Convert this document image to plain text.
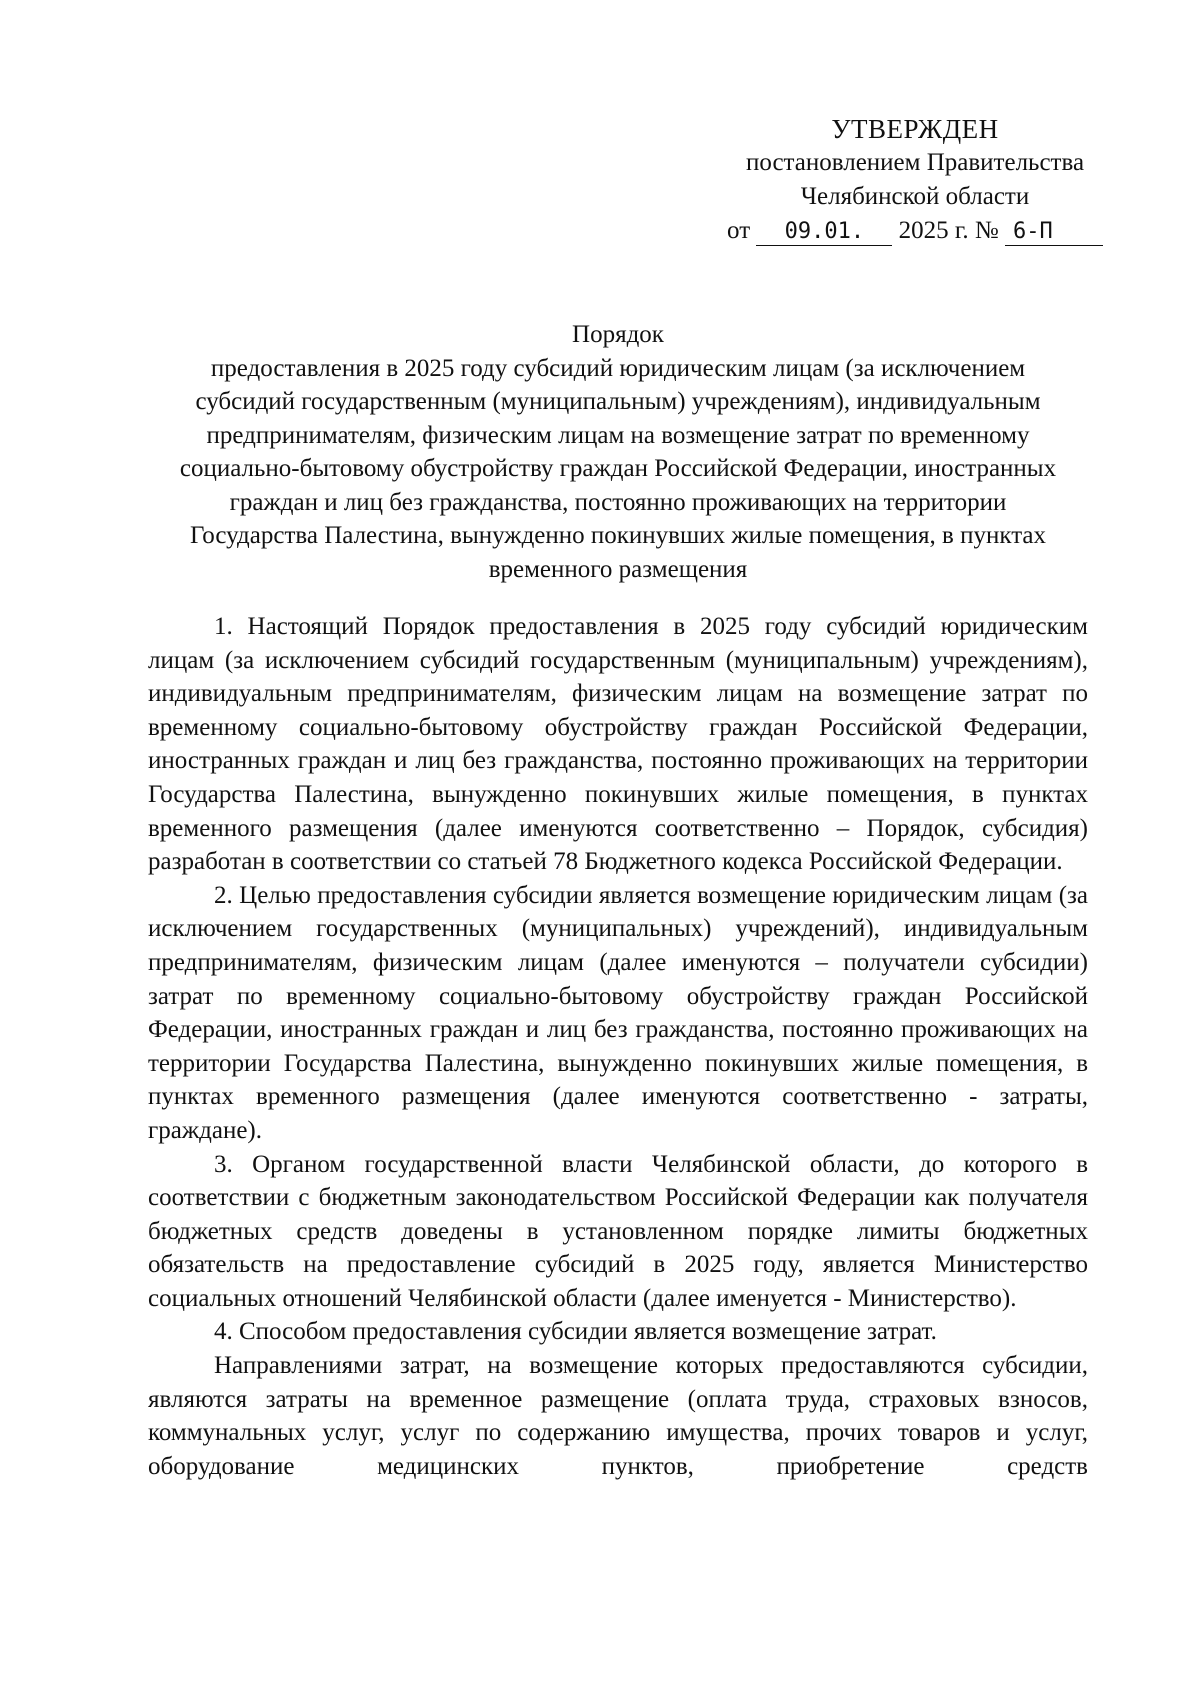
УТВЕРЖДЕН
постановлением Правительства
Челябинской области
от 09.01. 2025 г. № 6-П
Порядок
предоставления в 2025 году субсидий юридическим лицам (за исключением
субсидий государственным (муниципальным) учреждениям), индивидуальным
предпринимателям, физическим лицам на возмещение затрат по временному
социально-бытовому обустройству граждан Российской Федерации, иностранных
граждан и лиц без гражданства, постоянно проживающих на территории
Государства Палестина, вынужденно покинувших жилые помещения, в пунктах
временного размещения

1. Настоящий Порядок предоставления в 2025 году субсидий юридическим лицам (за исключением субсидий государственным (муниципальным) учреждениям), индивидуальным предпринимателям, физическим лицам на возмещение затрат по временному социально-бытовому обустройству граждан Российской Федерации, иностранных граждан и лиц без гражданства, постоянно проживающих на территории Государства Палестина, вынужденно покинувших жилые помещения, в пунктах временного размещения (далее именуются соответственно – Порядок, субсидия) разработан в соответствии со статьей 78 Бюджетного кодекса Российской Федерации.

2. Целью предоставления субсидии является возмещение юридическим лицам (за исключением государственных (муниципальных) учреждений), индивидуальным предпринимателям, физическим лицам (далее именуются – получатели субсидии) затрат по временному социально-бытовому обустройству граждан Российской Федерации, иностранных граждан и лиц без гражданства, постоянно проживающих на территории Государства Палестина, вынужденно покинувших жилые помещения, в пунктах временного размещения (далее именуются соответственно - затраты, граждане).

3. Органом государственной власти Челябинской области, до которого в соответствии с бюджетным законодательством Российской Федерации как получателя бюджетных средств доведены в установленном порядке лимиты бюджетных обязательств на предоставление субсидий в 2025 году, является Министерство социальных отношений Челябинской области (далее именуется - Министерство).

4. Способом предоставления субсидии является возмещение затрат.

Направлениями затрат, на возмещение которых предоставляются субсидии, являются затраты на временное размещение (оплата труда, страховых взносов, коммунальных услуг, услуг по содержанию имущества, прочих товаров и услуг, оборудование медицинских пунктов, приобретение средств
